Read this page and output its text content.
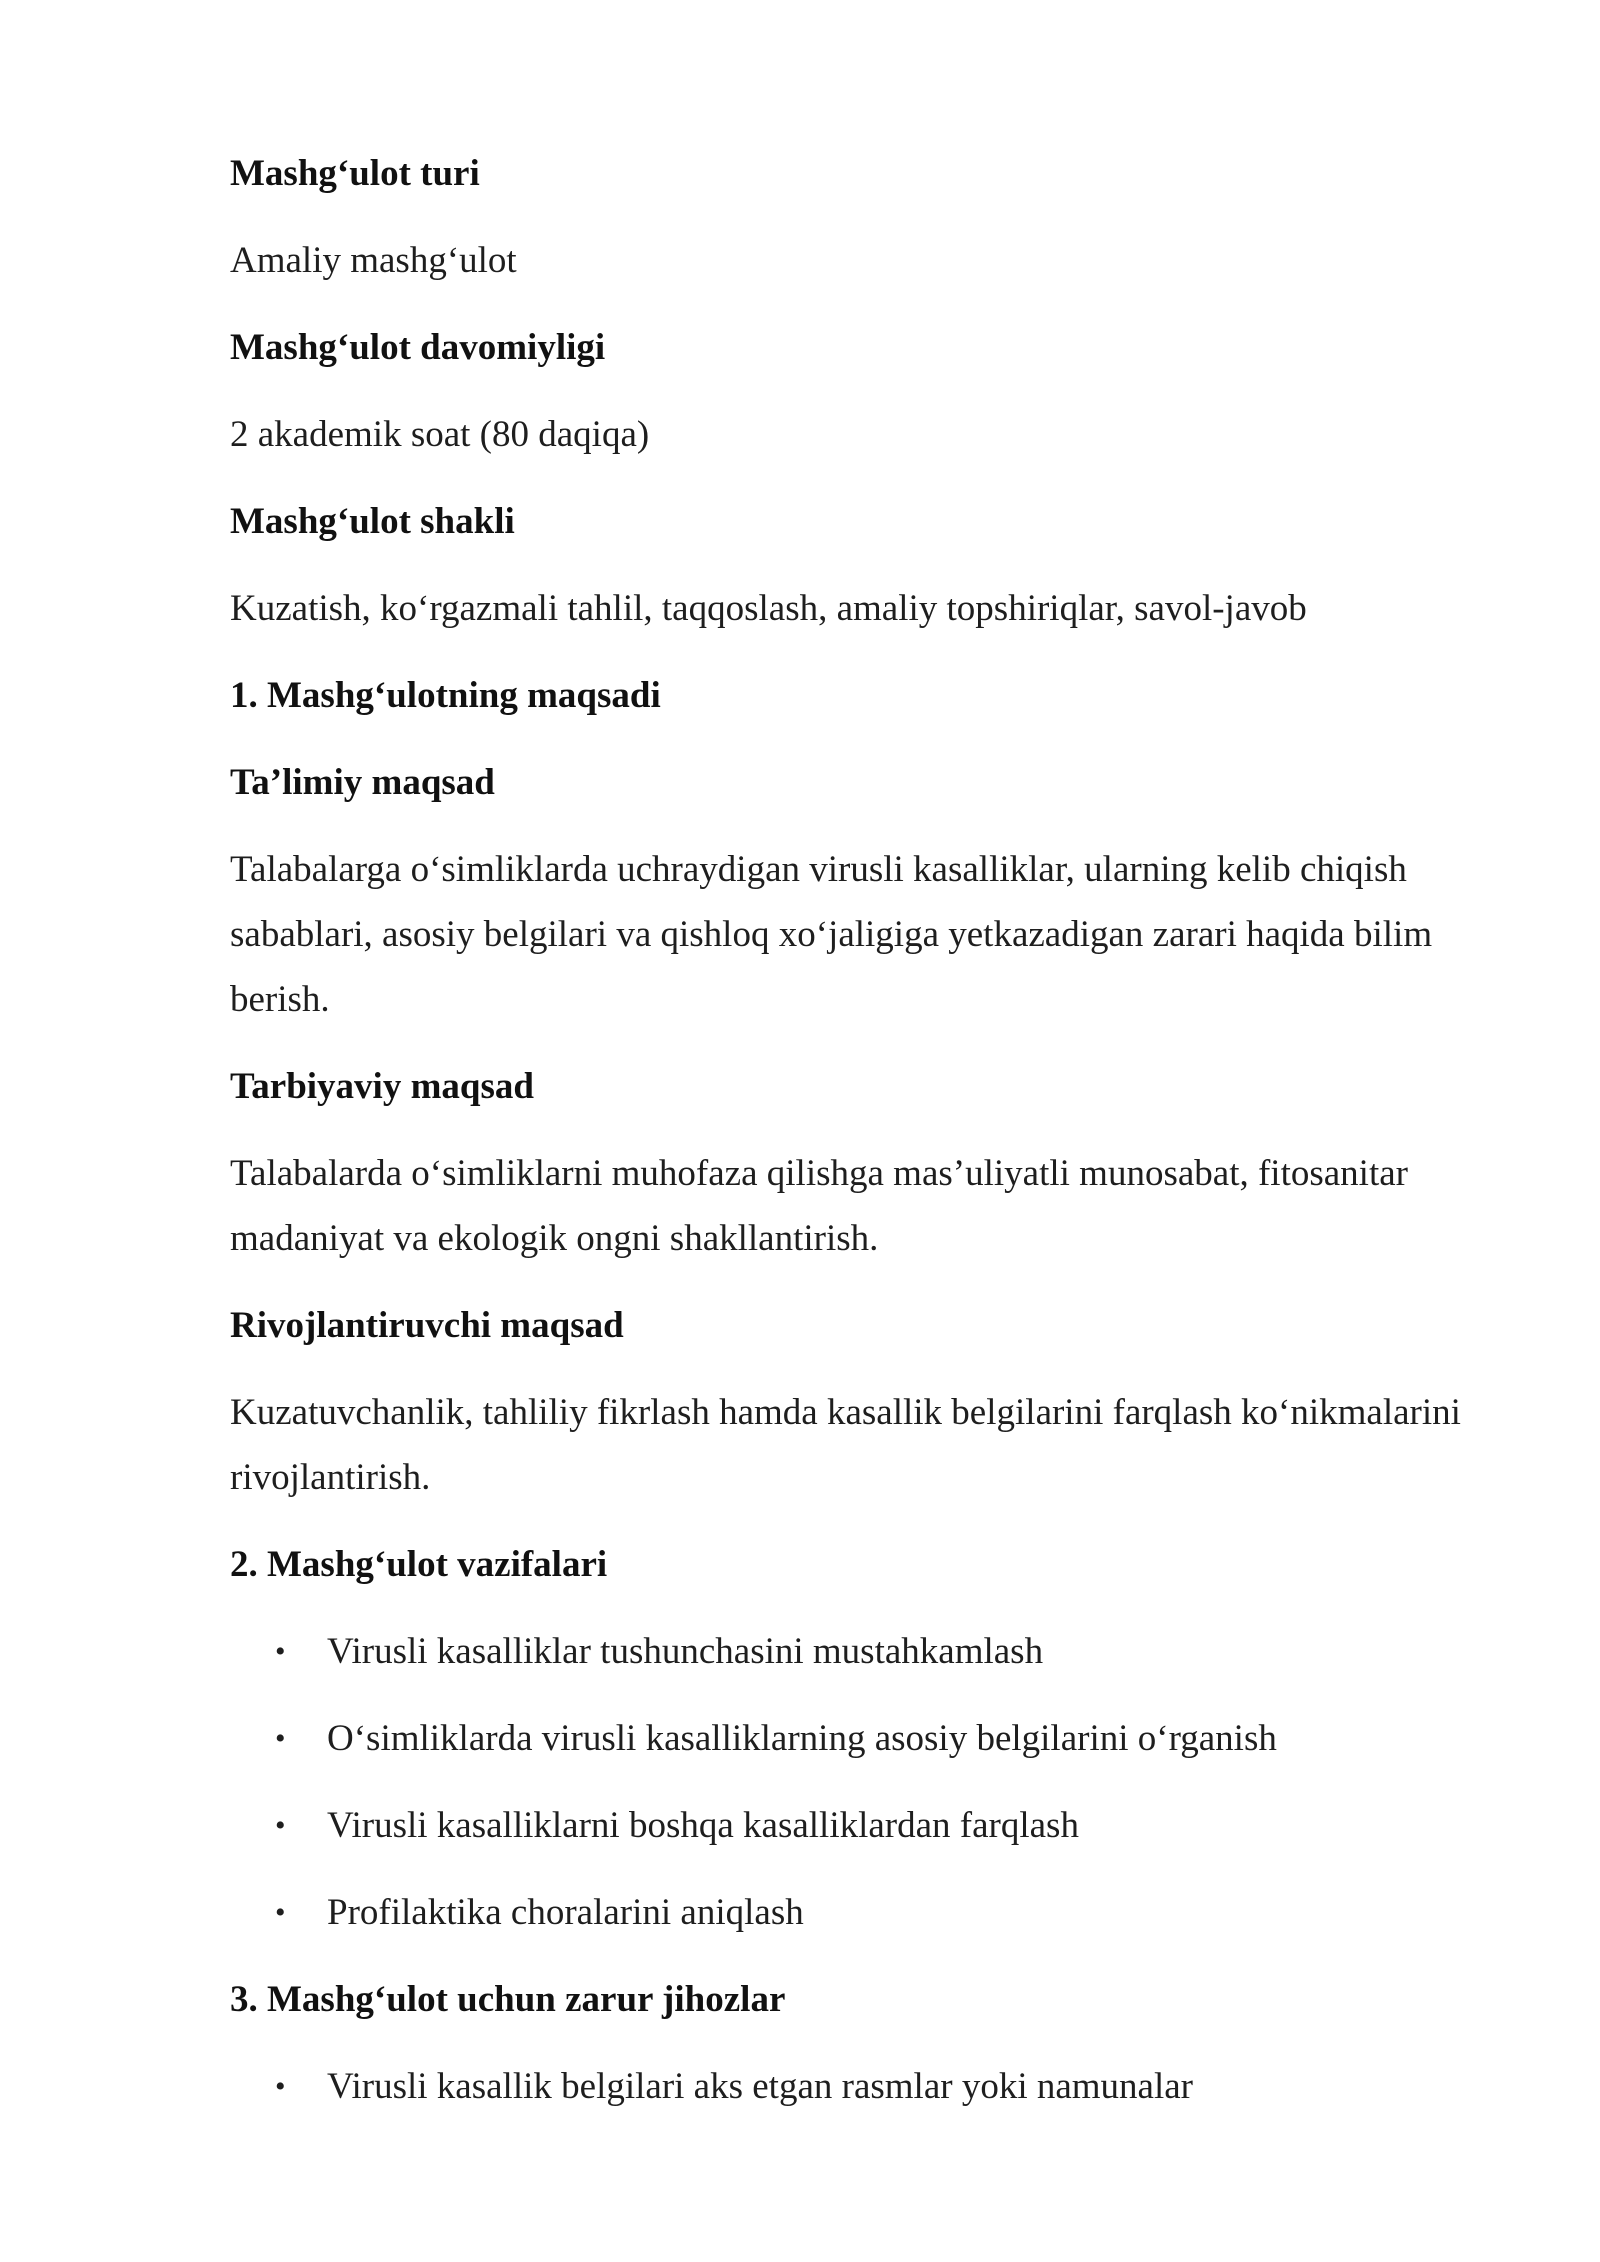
Mashg‘ulot turi

Amaliy mashg‘ulot

Mashg‘ulot davomiyligi

2 akademik soat (80 daqiqa)

Mashg‘ulot shakli

Kuzatish, ko‘rgazmali tahlil, taqqoslash, amaliy topshiriqlar, savol-javob

1. Mashg‘ulotning maqsadi

Ta’limiy maqsad

Talabalarga o‘simliklarda uchraydigan virusli kasalliklar, ularning kelib chiqish sabablari, asosiy belgilari va qishloq xo‘jaligiga yetkazadigan zarari haqida bilim berish.

Tarbiyaviy maqsad

Talabalarda o‘simliklarni muhofaza qilishga mas’uliyatli munosabat, fitosanitar madaniyat va ekologik ongni shakllantirish.

Rivojlantiruvchi maqsad

Kuzatuvchanlik, tahliliy fikrlash hamda kasallik belgilarini farqlash ko‘nikmalarini rivojlantirish.

2. Mashg‘ulot vazifalari

• Virusli kasalliklar tushunchasini mustahkamlash

• O‘simliklarda virusli kasalliklarning asosiy belgilarini o‘rganish

• Virusli kasalliklarni boshqa kasalliklardan farqlash

• Profilaktika choralarini aniqlash

3. Mashg‘ulot uchun zarur jihozlar

• Virusli kasallik belgilari aks etgan rasmlar yoki namunalar
